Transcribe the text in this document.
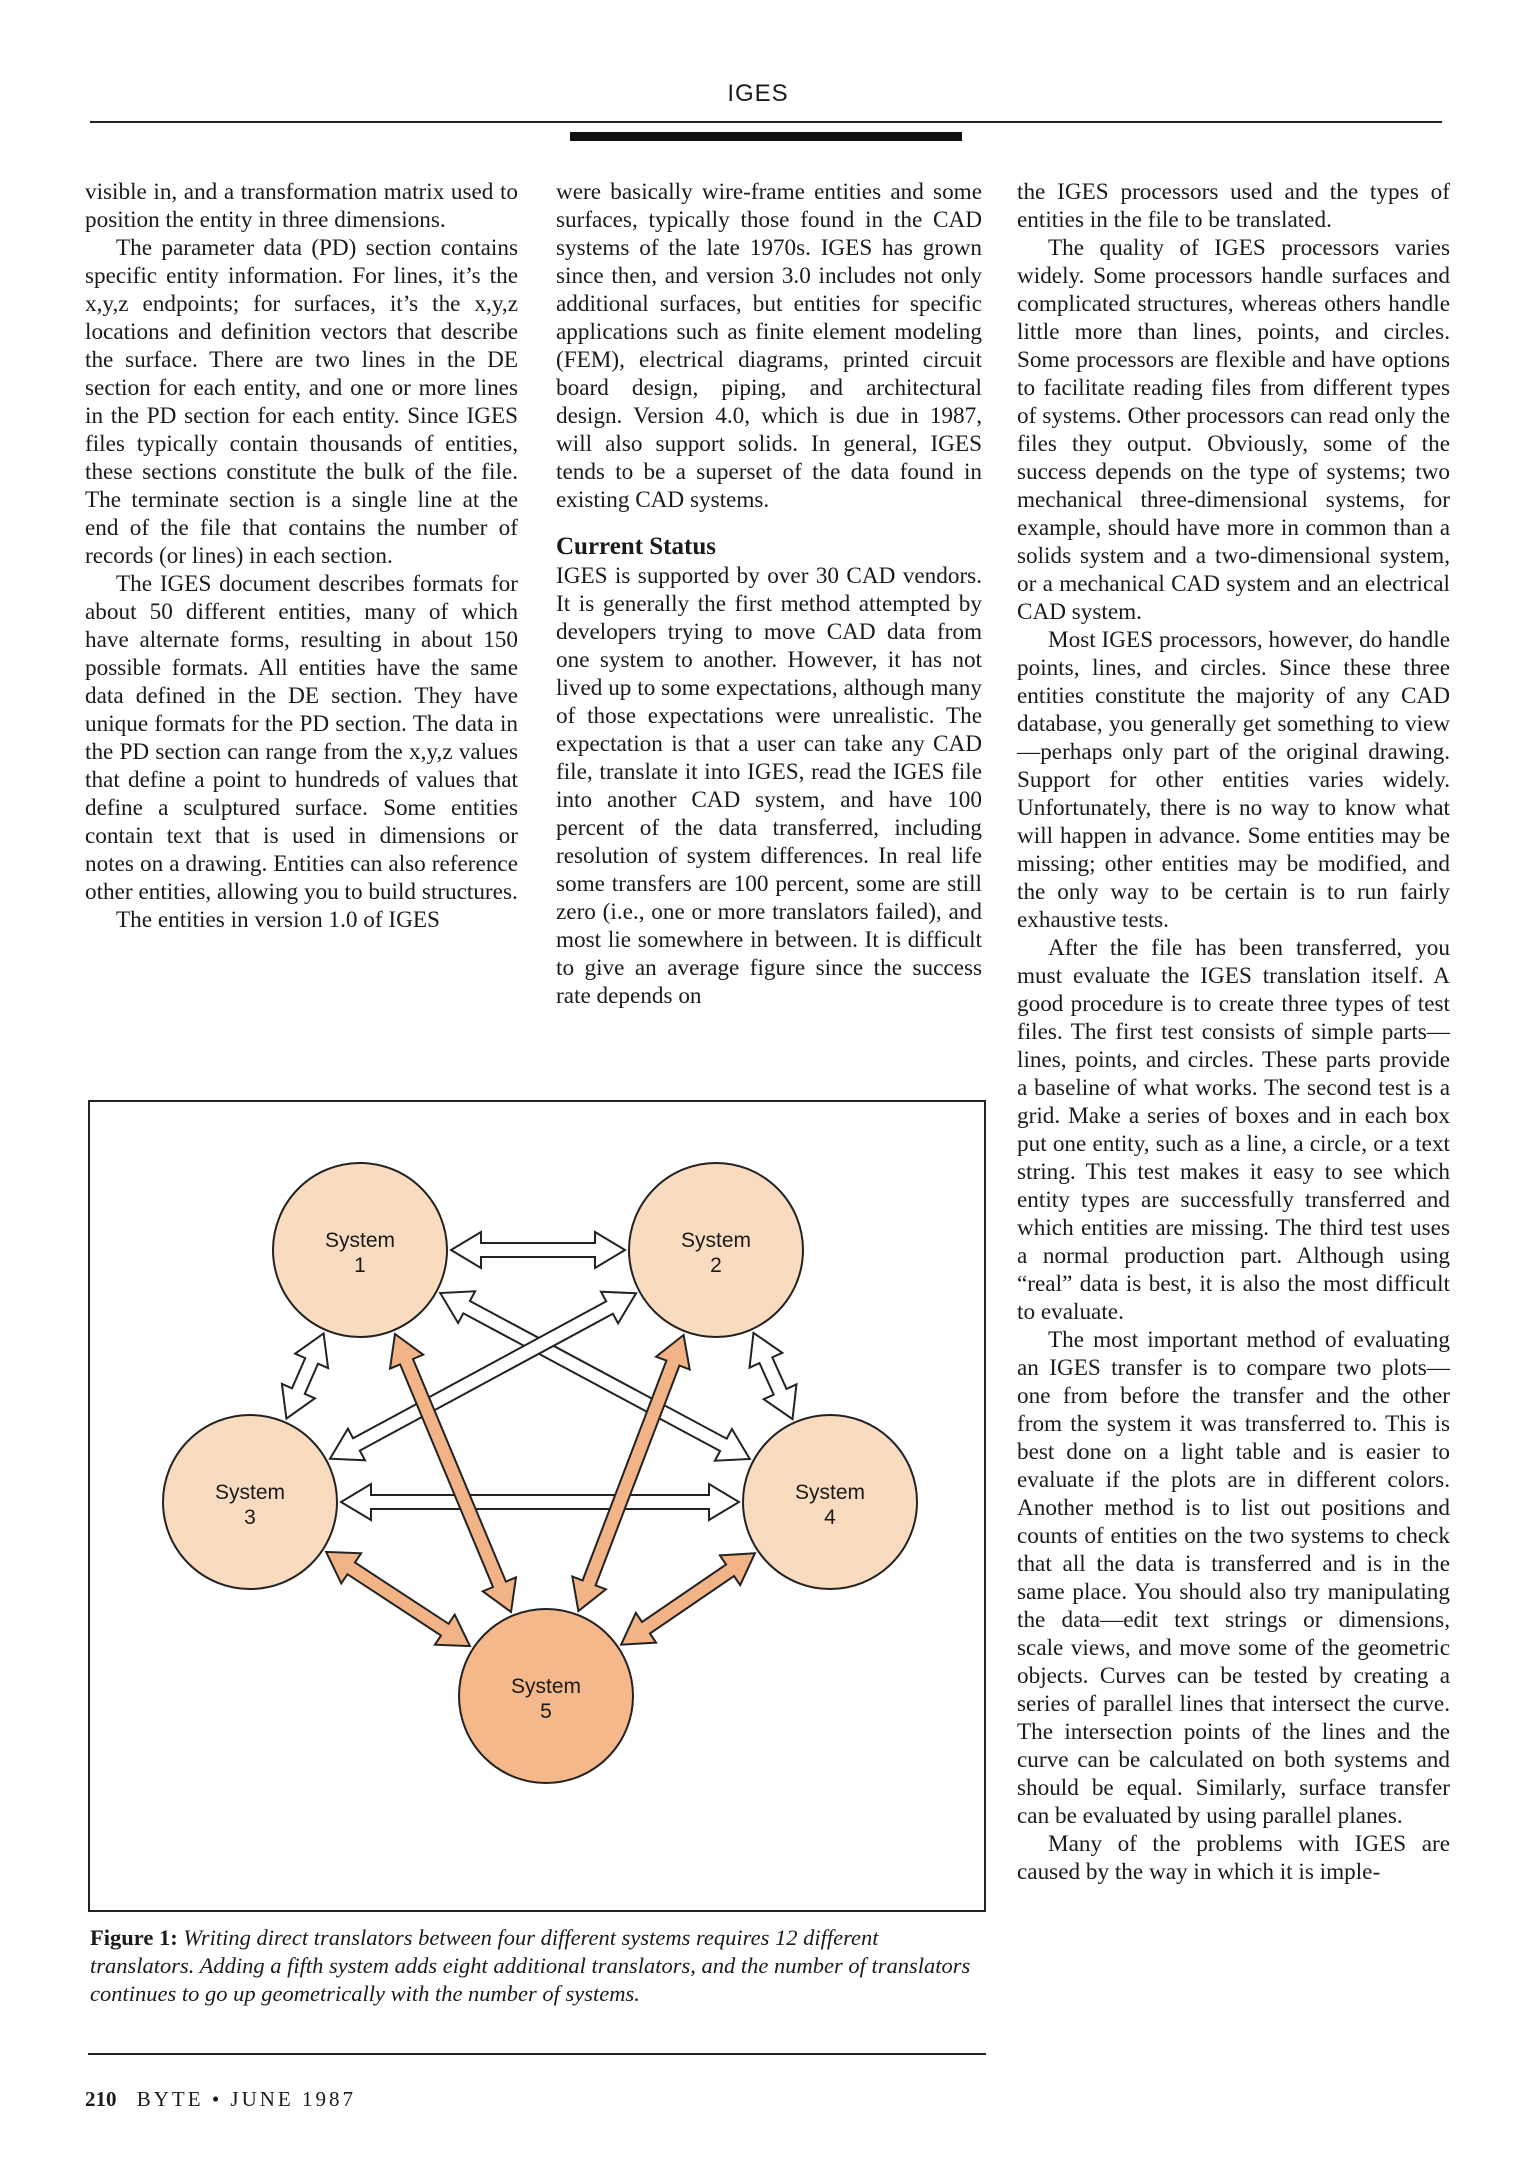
IGES

visible in, and a transformation matrix used to position the entity in three dimensions.

The parameter data (PD) section contains specific entity information. For lines, it’s the x,y,z endpoints; for surfaces, it’s the x,y,z locations and definition vectors that describe the surface. There are two lines in the DE section for each entity, and one or more lines in the PD section for each entity. Since IGES files typically contain thousands of entities, these sections constitute the bulk of the file. The terminate section is a single line at the end of the file that contains the number of records (or lines) in each section.

The IGES document describes formats for about 50 different entities, many of which have alternate forms, resulting in about 150 possible formats. All entities have the same data defined in the DE section. They have unique formats for the PD section. The data in the PD section can range from the x,y,z values that define a point to hundreds of values that define a sculptured surface. Some entities contain text that is used in dimensions or notes on a drawing. Entities can also reference other entities, allowing you to build structures.

The entities in version 1.0 of IGES

were basically wire-frame entities and some surfaces, typically those found in the CAD systems of the late 1970s. IGES has grown since then, and version 3.0 includes not only additional surfaces, but entities for specific applications such as finite element modeling (FEM), electrical diagrams, printed circuit board design, piping, and architectural design. Version 4.0, which is due in 1987, will also support solids. In general, IGES tends to be a superset of the data found in existing CAD systems.

Current Status

IGES is supported by over 30 CAD vendors. It is generally the first method attempted by developers trying to move CAD data from one system to another. However, it has not lived up to some expectations, although many of those expectations were unrealistic. The expectation is that a user can take any CAD file, translate it into IGES, read the IGES file into another CAD system, and have 100 percent of the data transferred, including resolution of system differences. In real life some transfers are 100 percent, some are still zero (i.e., one or more translators failed), and most lie somewhere in between. It is difficult to give an average figure since the success rate depends on

the IGES processors used and the types of entities in the file to be translated.

The quality of IGES processors varies widely. Some processors handle surfaces and complicated structures, whereas others handle little more than lines, points, and circles. Some processors are flexible and have options to facilitate reading files from different types of systems. Other processors can read only the files they output. Obviously, some of the success depends on the type of systems; two mechanical three-dimensional systems, for example, should have more in common than a solids system and a two-dimensional system, or a mechanical CAD system and an electrical CAD system.

Most IGES processors, however, do handle points, lines, and circles. Since these three entities constitute the majority of any CAD database, you generally get something to view—perhaps only part of the original drawing. Support for other entities varies widely. Unfortunately, there is no way to know what will happen in advance. Some entities may be missing; other entities may be modified, and the only way to be certain is to run fairly exhaustive tests.

After the file has been transferred, you must evaluate the IGES translation itself. A good procedure is to create three types of test files. The first test consists of simple parts—lines, points, and circles. These parts provide a baseline of what works. The second test is a grid. Make a series of boxes and in each box put one entity, such as a line, a circle, or a text string. This test makes it easy to see which entity types are successfully transferred and which entities are missing. The third test uses a normal production part. Although using “real” data is best, it is also the most difficult to evaluate.

The most important method of evaluating an IGES transfer is to compare two plots—one from before the transfer and the other from the system it was transferred to. This is best done on a light table and is easier to evaluate if the plots are in different colors. Another method is to list out positions and counts of entities on the two systems to check that all the data is transferred and is in the same place. You should also try manipulating the data—edit text strings or dimensions, scale views, and move some of the geometric objects. Curves can be tested by creating a series of parallel lines that intersect the curve. The intersection points of the lines and the curve can be calculated on both systems and should be equal. Similarly, surface transfer can be evaluated by using parallel planes.

Many of the problems with IGES are caused by the way in which it is imple-

System
1
System
2
System
3
System
4
System
5
Figure 1: Writing direct translators between four different systems requires 12 different translators. Adding a fifth system adds eight additional translators, and the number of translators continues to go up geometrically with the number of systems.
210 BYTE • JUNE 1987
